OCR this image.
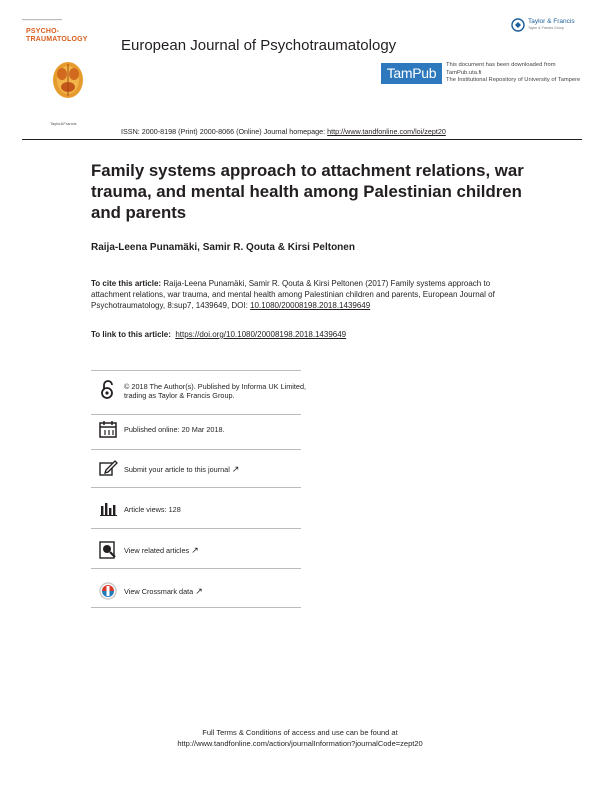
PSYCHO-
TRAUMATOLOGY
Taylor&Francis
European Journal of Psychotraumatology
Taylor & Francis
Taylor & Francis Group
TamPub	This document has been downloaded from TamPub.uta.fi
The Institutional Repository of University of Tampere
ISSN: 2000-8198 (Print) 2000-8066 (Online) Journal homepage: http://www.tandfonline.com/loi/zept20
Family systems approach to attachment relations, war trauma, and mental health among Palestinian children and parents
Raija-Leena Punamäki, Samir R. Qouta & Kirsi Peltonen
To cite this article: Raija-Leena Punamäki, Samir R. Qouta & Kirsi Peltonen (2017) Family systems approach to attachment relations, war trauma, and mental health among Palestinian children and parents, European Journal of Psychotraumatology, 8:sup7, 1439649, DOI: 10.1080/20008198.2018.1439649
To link to this article: https://doi.org/10.1080/20008198.2018.1439649
© 2018 The Author(s). Published by Informa UK Limited, trading as Taylor & Francis Group.
Published online: 20 Mar 2018.
Submit your article to this journal ↗
Article views: 128
View related articles ↗
View Crossmark data ↗
Full Terms & Conditions of access and use can be found at
http://www.tandfonline.com/action/journalInformation?journalCode=zept20
